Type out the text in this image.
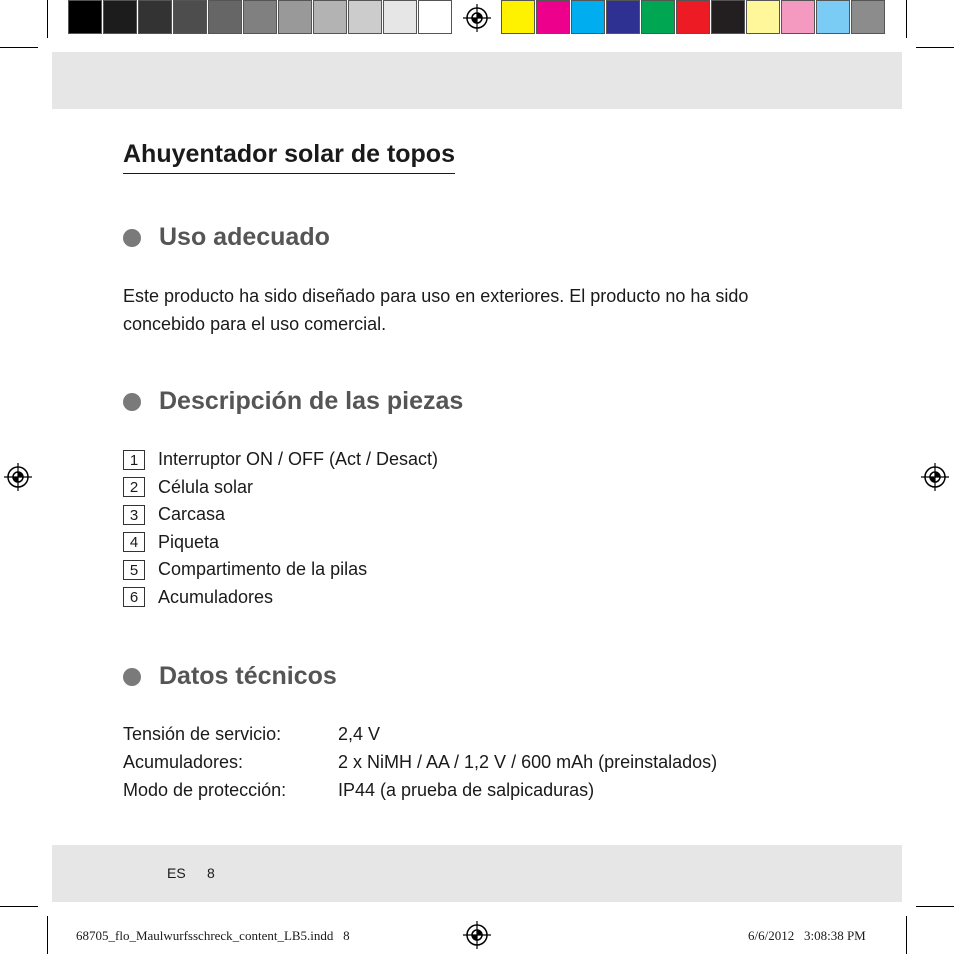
Ahuyentador solar de topos
Uso adecuado
Este producto ha sido diseñado para uso en exteriores. El producto no ha sido concebido para el uso comercial.
Descripción de las piezas
1	Interruptor ON / OFF (Act / Desact)
2	Célula solar
3	Carcasa
4	Piqueta
5	Compartimento de la pilas
6	Acumuladores
Datos técnicos
Tensión de servicio:	2,4 V
Acumuladores:	2 x NiMH / AA / 1,2 V / 600 mAh (preinstalados)
Modo de protección:	IP44 (a prueba de salpicaduras)
ES 8
68705_flo_Maulwurfsschreck_content_LB5.indd   8	6/6/2012   3:08:38 PM
